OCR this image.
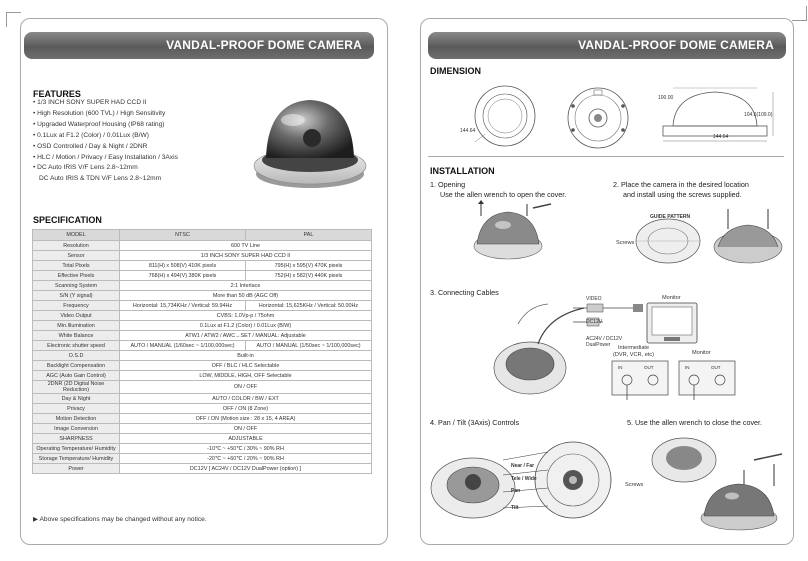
VANDAL-PROOF DOME CAMERA
FEATURES
• 1/3 INCH SONY SUPER HAD CCD II
• High Resolution (600 TVL) / High Sensitivity
• Upgraded Waterproof Housing (IP68 rating)
• 0.1Lux at F1.2 (Color) / 0.01Lux (B/W)
• OSD Controlled / Day & Night / 2DNR
• HLC / Motion / Privacy / Easy Installation / 3Axis
• DC Auto IRIS V/F Lens 2.8~12mm
DC Auto IRIS & TDN V/F Lens 2.8~12mm
SPECIFICATION
MODEL	NTSC	PAL
Resolution	600 TV Line	
Sensor	1/3 INCH SONY SUPER HAD CCD II	
Total Pixels	811(H) x 508(V) 410K pixels	795(H) x 595(V) 470K pixels
Effective Pixels	768(H) x 494(V) 380K pixels	752(H) x 582(V) 440K pixels
Scanning System	2:1 Interlace	
S/N (Y signal)	More than 50 dB (AGC Off)	
Frequency	Horizontal: 15,734KHz / Vertical: 59.94Hz	Horizontal: 15,625KHz / Vertical: 50.00Hz
Video Output	CVBS: 1.0Vp-p / 75ohm	
Min.Illumination	0.1Lux at F1.2 (Color) / 0.01Lux (B/W)	
White Balance	ATW1 / ATW2 / AWC→SET / MANUAL: Adjustable	
Electronic shutter speed	AUTO / MANUAL (1/60sec ~ 1/100,000sec)	AUTO / MANUAL (1/50sec ~ 1/100,000sec)
O.S.D	Built-in	
Backlight Compensation	OFF / BLC / HLC Selectable	
AGC (Auto Gain Control)	LOW, MIDDLE, HIGH, OFF Selectable	
2DNR (2D Digital Noise Reduction)	ON / OFF	
Day & Night	AUTO / COLOR / BW / EXT	
Privacy	OFF / ON (8 Zone)	
Motion Detection	OFF / ON (Motion size : 28 x 15, 4 AREA)	
Image Conversion	ON / OFF	
SHARPNESS	ADJUSTABLE	
Operating Temperature/ Humidity	-10℃ ~ +50℃ / 30% ~ 90% RH	
Storage Temperature/ Humidity	-20℃ ~ +60℃ / 20% ~ 90% RH	
Power	DC12V [ AC24V / DC12V DualPower (option) ]	
▶ Above specifications may be changed without any notice.
VANDAL-PROOF DOME CAMERA
DIMENSION
144.64
100.00
104.6(109.0)
144.64
INSTALLATION
1. Opening
Use the allen wrench to open the cover.
2. Place the camera in the desired location
and install using the screws supplied.
GUIDE PATTERN
Screws
3. Connecting Cables
VIDEO
DC12V
AC24V / DC12V
DualPower
Monitor
Intermediate
(DVR, VCR, etc)	Monitor
IN	OUT	IN	OUT
4. Pan / Tilt (3Axis) Controls
Near / Far
Tele / Wide
Pan
Tilt
5. Use the allen wrench to close the cover.
Screws
